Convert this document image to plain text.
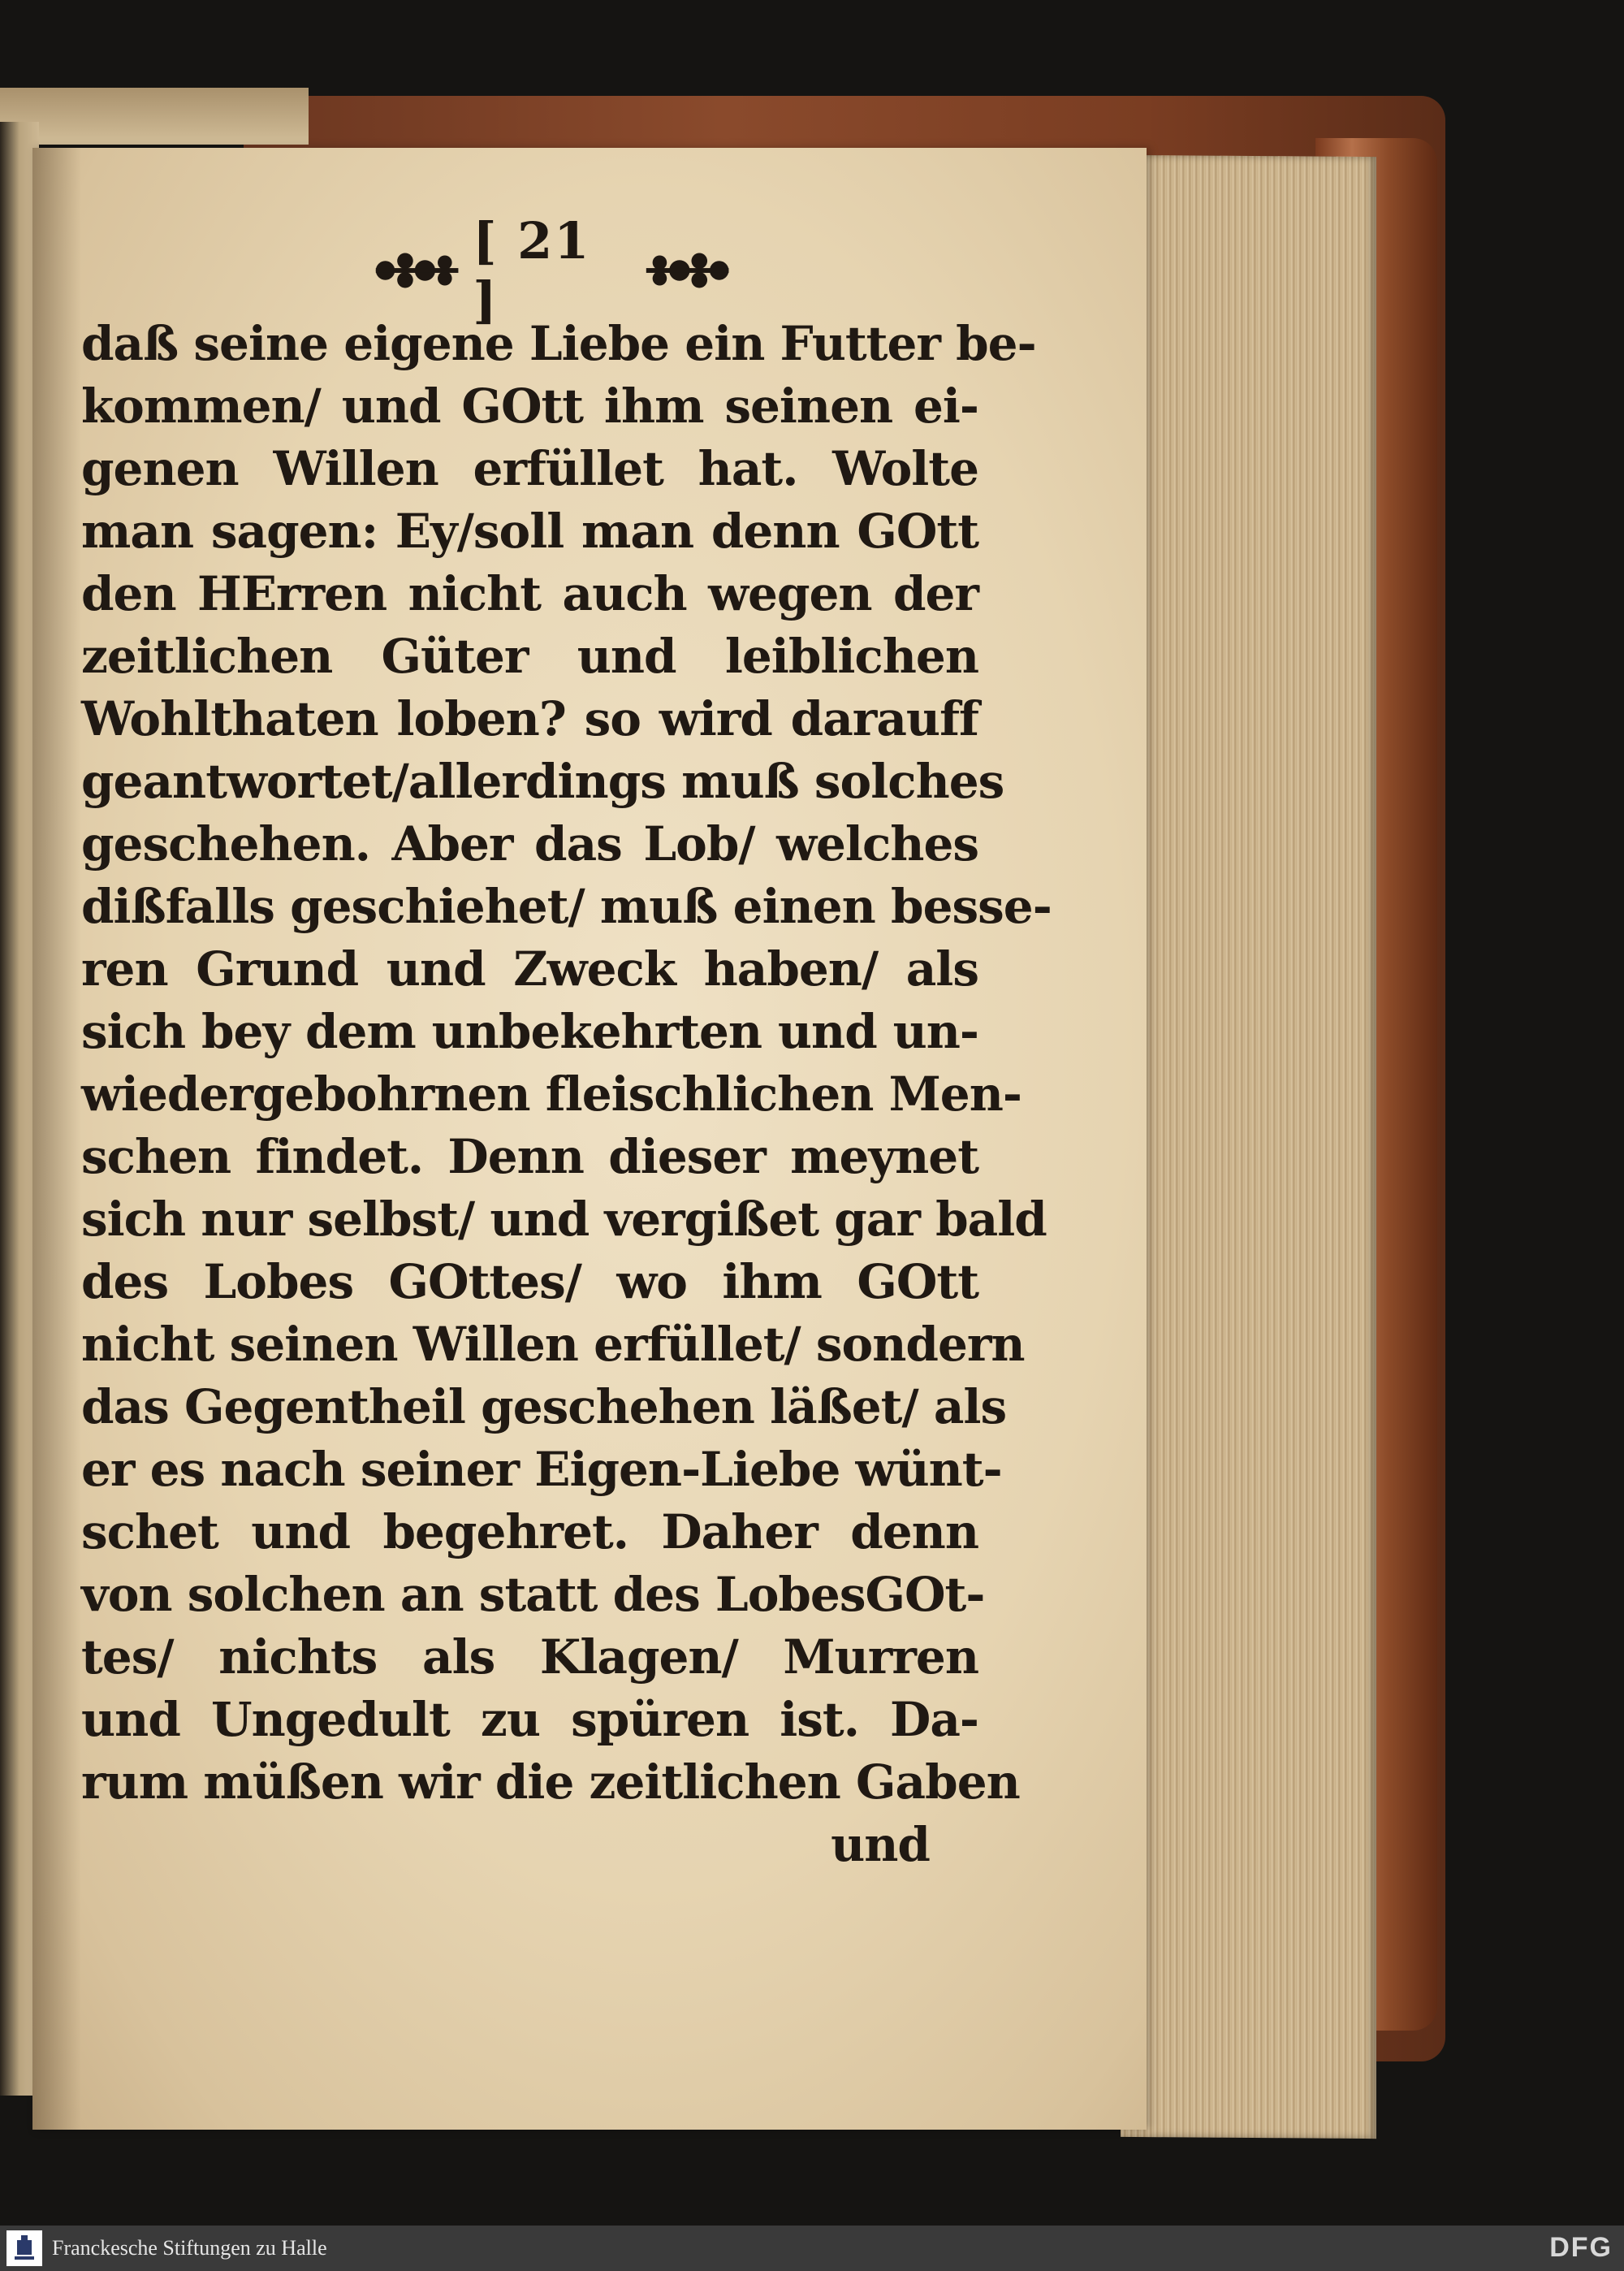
[ 21 ]
daß seine eigene Liebe ein Futter be-
kommen/ und GOtt ihm seinen ei-
genen Willen erfüllet hat. Wolte
man sagen: Ey/soll man denn GOtt
den HErren nicht auch wegen der
zeitlichen Güter und leiblichen
Wohlthaten loben? so wird darauff
geantwortet/allerdings muß solches
geschehen. Aber das Lob/ welches
dißfalls geschiehet/ muß einen besse-
ren Grund und Zweck haben/ als
sich bey dem unbekehrten und un-
wiedergebohrnen fleischlichen Men-
schen findet. Denn dieser meynet
sich nur selbst/ und vergißet gar bald
des Lobes GOttes/ wo ihm GOtt
nicht seinen Willen erfüllet/ sondern
das Gegentheil geschehen läßet/ als
er es nach seiner Eigen-Liebe wünt-
schet und begehret. Daher denn
von solchen an statt des LobesGOt-
tes/ nichts als Klagen/ Murren
und Ungedult zu spüren ist. Da-
rum müßen wir die zeitlichen Gaben
und
Franckesche Stiftungen zu Halle	DFG
